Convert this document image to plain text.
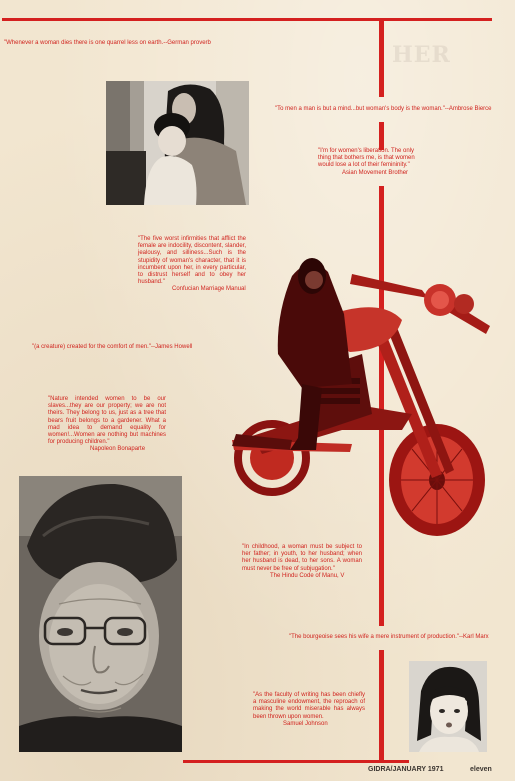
HER

"Whenever a woman dies there is one quarrel less on earth.--German proverb

"To men a man is but a mind...but woman's body is the woman."--Ambrose Bierce

"I'm for women's liberation. The only thing that bothers me, is that women would lose a lot of their femininity."
Asian Movement Brother
"The five worst infirmities that afflict the female are indocility, discontent, slander, jealousy, and silliness...Such is the stupidity of woman's character, that it is incumbent upon her, in every particular, to distrust herself and to obey her husband."
Confucian Marriage Manual

"(a creature) created for the comfort of men."--James Howell

"Nature intended women to be our slaves...they are our property; we are not theirs. They belong to us, just as a tree that bears fruit belongs to a gardener. What a mad idea to demand equality for women!...Women are nothing but machines for producing children."
Napoleon Bonaparte
"In childhood, a woman must be subject to her father; in youth, to her husband; when her husband is dead, to her sons. A woman must never be free of subjugation."
The Hindu Code of Manu, V

"The bourgeoise sees his wife a mere instrument of production."--Karl Marx

"As the faculty of writing has been chiefly a masculine endowment, the reproach of making the world miserable has always been thrown upon women.
Samuel Johnson
GIDRA/JANUARY 1971	eleven
